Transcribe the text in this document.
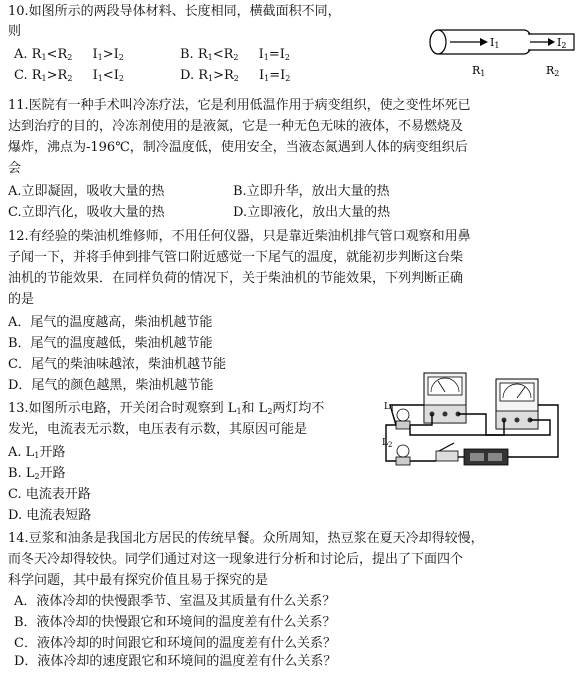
10.如图所示的两段导体材料、长度相同，横截面积不同，
则
A. $R_1<R_2$ $I_1>I_2$	B. $R_1<R_2$ $I_1=I_2$
C. $R_1>R_2$ $I_1<I_2$	D. $R_1>R_2$ $I_1=I_2$
I1	I2
R1	R2
11.医院有一种手术叫冷冻疗法，它是利用低温作用于病变组织，使之变性坏死已
达到治疗的目的，冷冻剂使用的是液氮，它是一种无色无味的液体，不易燃烧及
爆炸，沸点为-196℃，制冷温度低，使用安全，当液态氮遇到人体的病变组织后
会
A.立即凝固，吸收大量的热	B.立即升华，放出大量的热
C.立即汽化，吸收大量的热	D.立即液化，放出大量的热
12.有经验的柴油机维修师，不用任何仪器，只是靠近柴油机排气管口观察和用鼻
子闻一下，并将手伸到排气管口附近感觉一下尾气的温度，就能初步判断这台柴
油机的节能效果．在同样负荷的情况下，关于柴油机的节能效果，下列判断正确
的是
A．尾气的温度越高，柴油机越节能
B．尾气的温度越低，柴油机越节能
C．尾气的柴油味越浓，柴油机越节能
D．尾气的颜色越黑，柴油机越节能
13.如图所示电路，开关闭合时观察到 $L_1$和 $L_2$两灯均不
发光，电流表无示数，电压表有示数，其原因可能是
A. $L_1$开路
B. $L_2$开路
C. 电流表开路
D. 电流表短路
$L_2$
$L_1$
14.豆浆和油条是我国北方居民的传统早餐。众所周知，热豆浆在夏天冷却得较慢，
而冬天冷却得较快。同学们通过对这一现象进行分析和讨论后，提出了下面四个
科学问题，其中最有探究价值且易于探究的是
A．液体冷却的快慢跟季节、室温及其质量有什么关系？
B．液体冷却的快慢跟它和环境间的温度差有什么关系？
C．液体冷却的时间跟它和环境间的温度差有什么关系？
D．液体冷却的速度跟它和环境间的温度差有什么关系？
